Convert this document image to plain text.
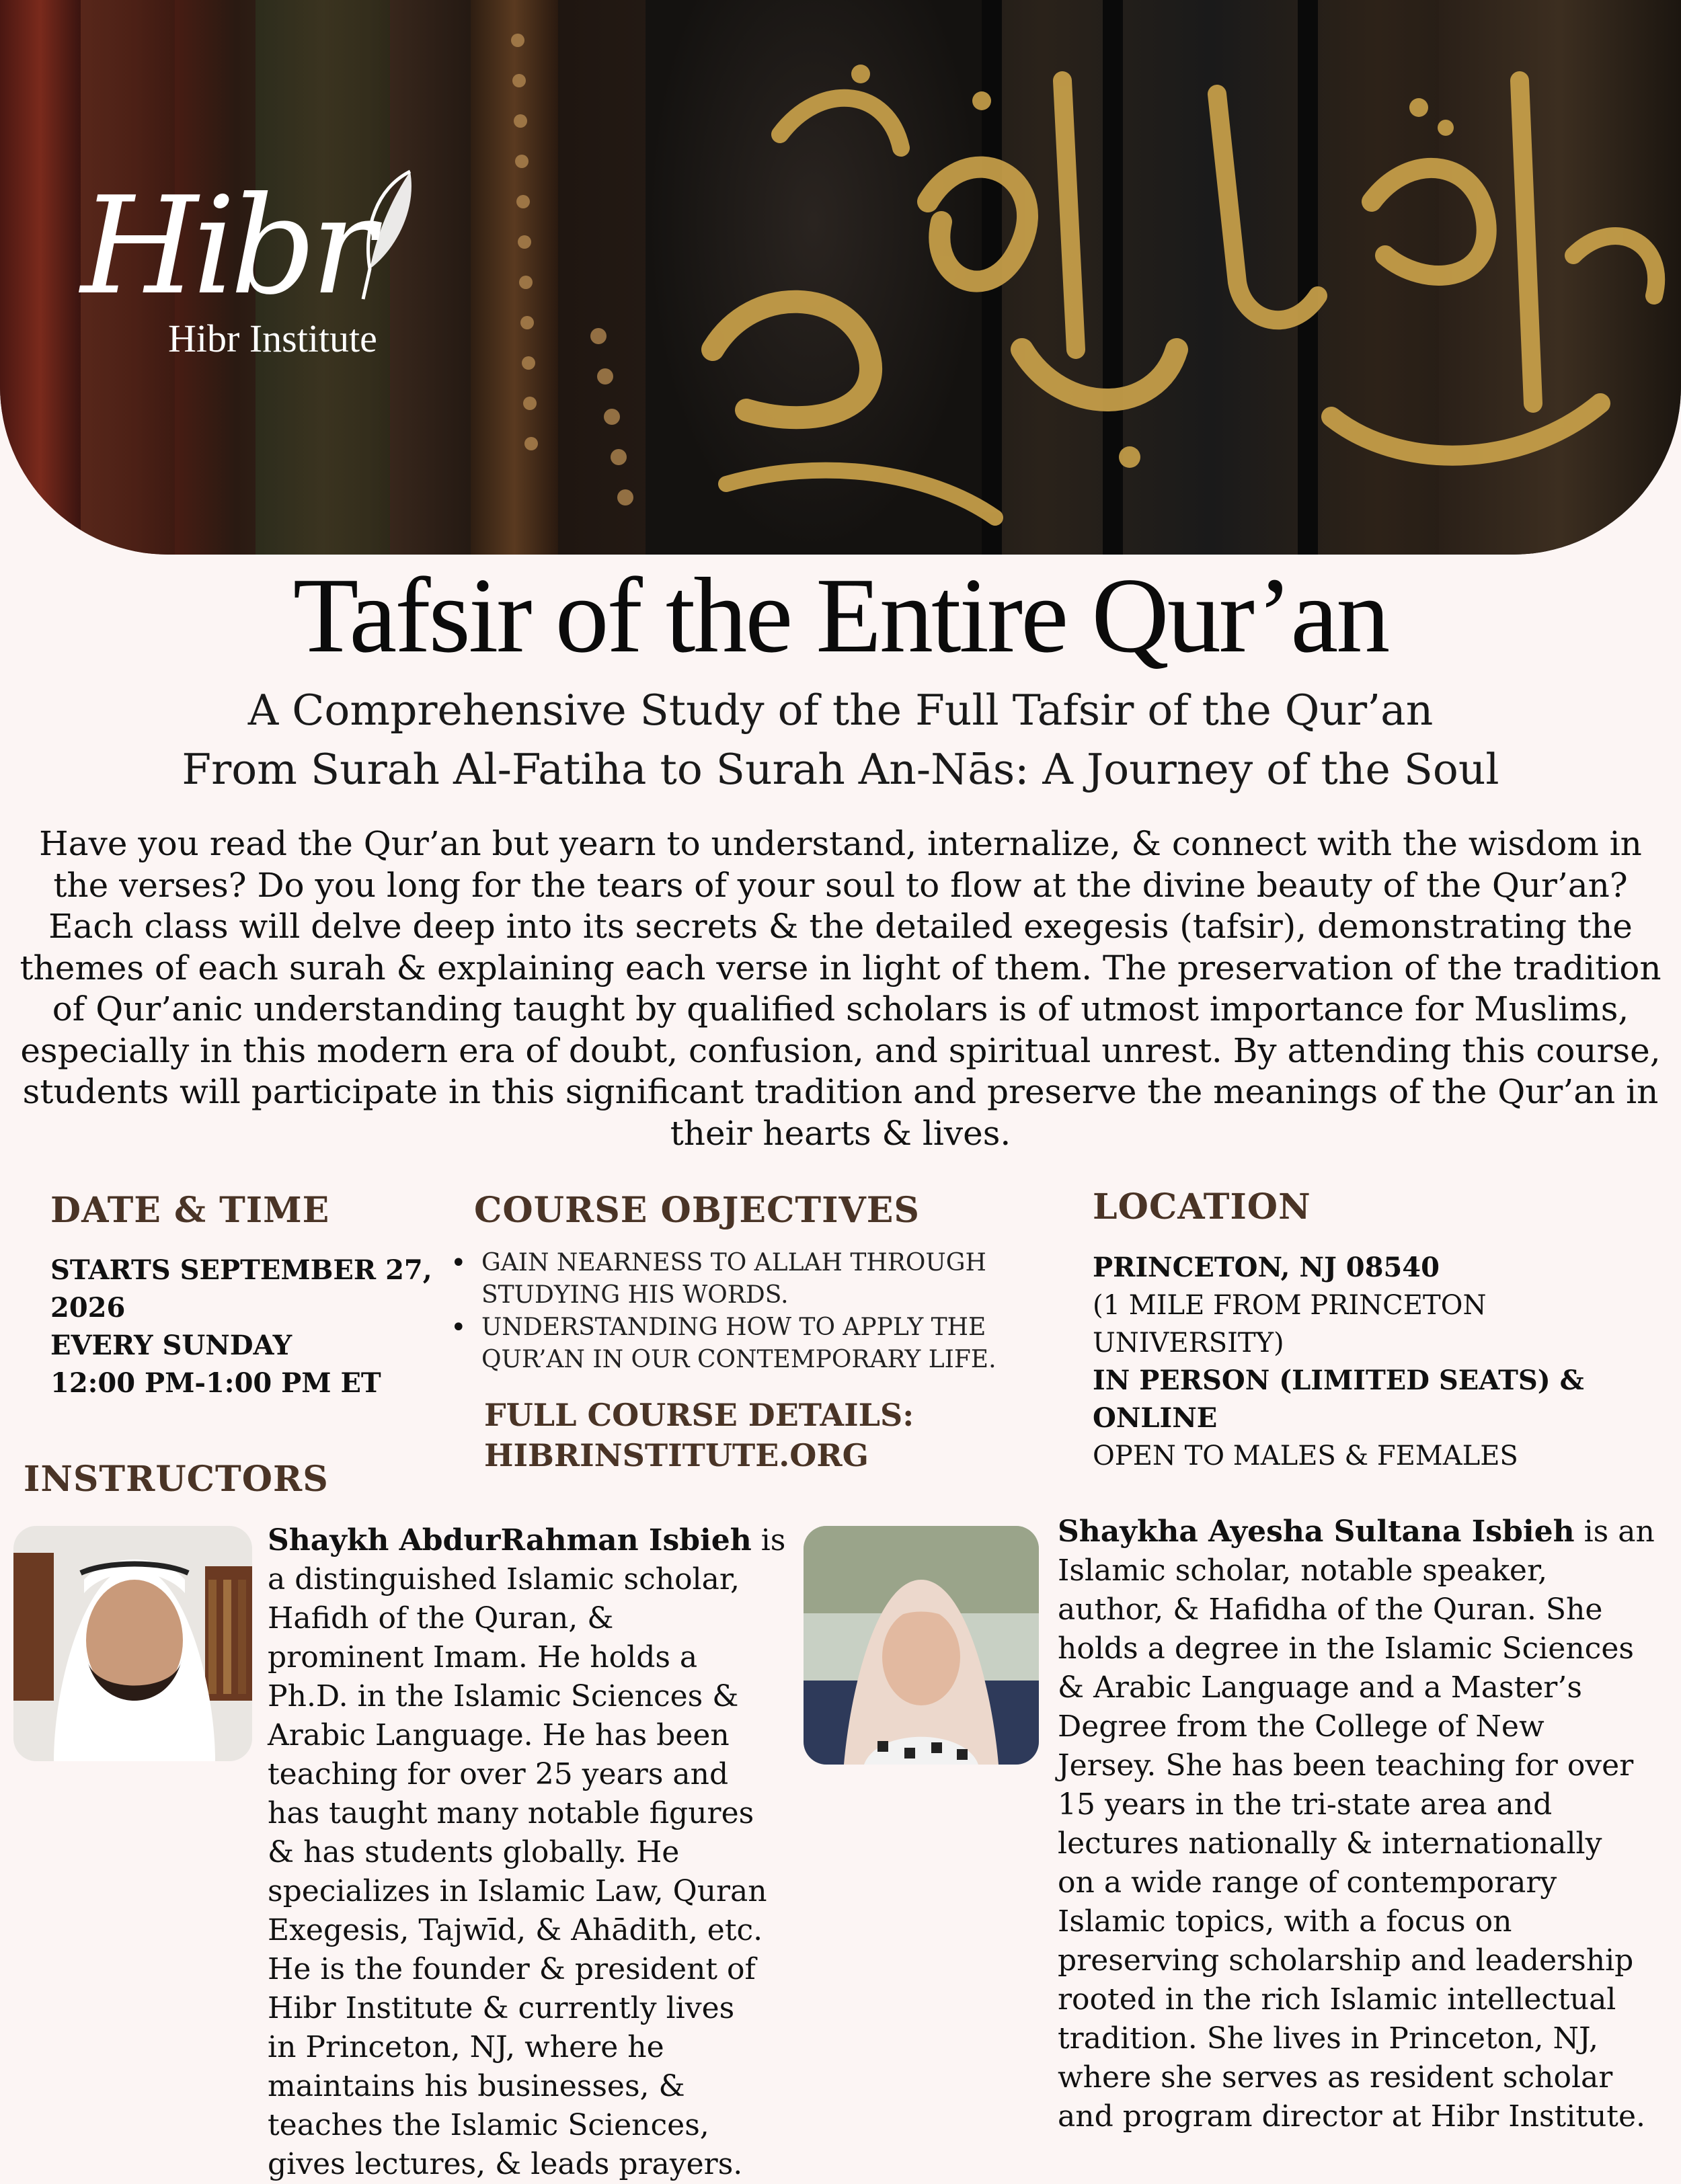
Hibr
Hibr Institute
Tafsir of the Entire Qur’an
A Comprehensive Study of the Full Tafsir of the Qur’an
From Surah Al-Fatiha to Surah An-Nās: A Journey of the Soul
Have you read the Qur’an but yearn to understand, internalize, & connect with the wisdom in the verses? Do you long for the tears of your soul to flow at the divine beauty of the Qur’an? Each class will delve deep into its secrets & the detailed exegesis (tafsir), demonstrating the themes of each surah & explaining each verse in light of them. The preservation of the tradition of Qur’anic understanding taught by qualified scholars is of utmost importance for Muslims, especially in this modern era of doubt, confusion, and spiritual unrest. By attending this course, students will participate in this significant tradition and preserve the meanings of the Qur’an in their hearts & lives.
DATE & TIME
STARTS SEPTEMBER 27,
2026
EVERY SUNDAY
12:00 PM-1:00 PM ET
COURSE OBJECTIVES
• GAIN NEARNESS TO ALLAH THROUGH
STUDYING HIS WORDS.
• UNDERSTANDING HOW TO APPLY THE
QUR’AN IN OUR CONTEMPORARY LIFE.
FULL COURSE DETAILS:
HIBRINSTITUTE.ORG
LOCATION
PRINCETON, NJ 08540
(1 MILE FROM PRINCETON
UNIVERSITY)
IN PERSON (LIMITED SEATS) &
ONLINE
OPEN TO MALES & FEMALES
INSTRUCTORS
Shaykh AbdurRahman Isbieh is
a distinguished Islamic scholar,
Hafidh of the Quran, &
prominent Imam. He holds a
Ph.D. in the Islamic Sciences &
Arabic Language. He has been
teaching for over 25 years and
has taught many notable figures
& has students globally. He
specializes in Islamic Law, Quran
Exegesis, Tajwīd, & Ahādith, etc.
He is the founder & president of
Hibr Institute & currently lives
in Princeton, NJ, where he
maintains his businesses, &
teaches the Islamic Sciences,
gives lectures, & leads prayers.
Shaykha Ayesha Sultana Isbieh is an
Islamic scholar, notable speaker,
author, & Hafidha of the Quran. She
holds a degree in the Islamic Sciences
& Arabic Language and a Master’s
Degree from the College of New
Jersey. She has been teaching for over
15 years in the tri-state area and
lectures nationally & internationally
on a wide range of contemporary
Islamic topics, with a focus on
preserving scholarship and leadership
rooted in the rich Islamic intellectual
tradition. She lives in Princeton, NJ,
where she serves as resident scholar
and program director at Hibr Institute.
